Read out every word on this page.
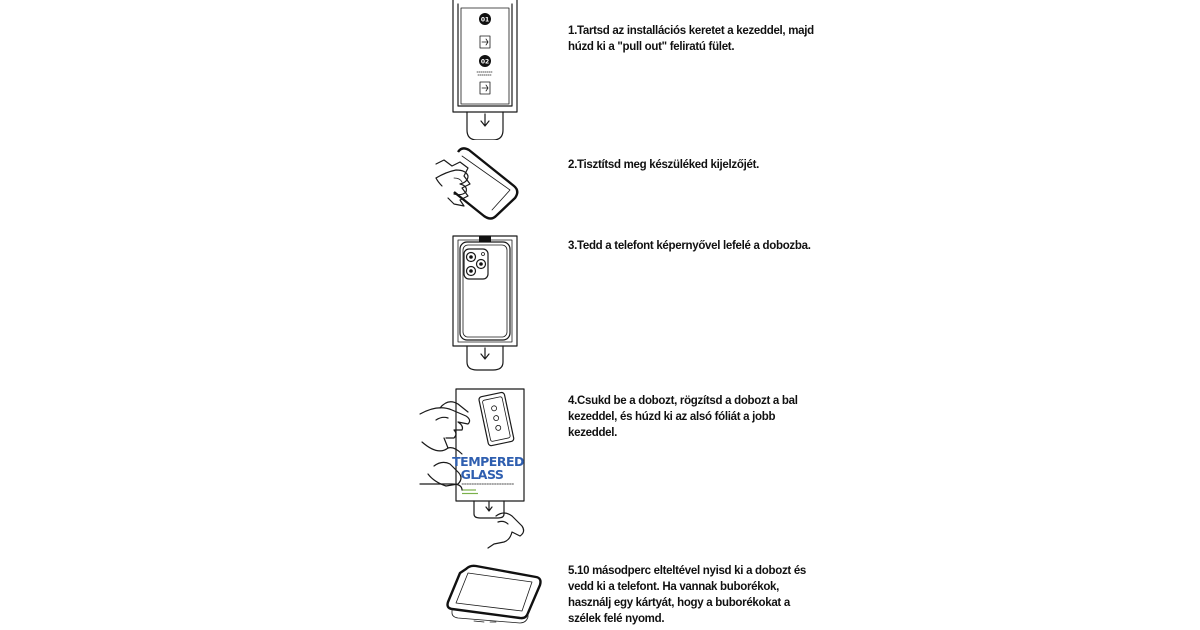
01
02
1.Tartsd az installációs keretet a kezeddel, majd húzd ki a "pull out" feliratú fület.
2.Tisztítsd meg készüléked kijelzőjét.
3.Tedd a telefont képernyővel lefelé a dobozba.
TEMPERED
GLASS
4.Csukd be a dobozt, rögzítsd a dobozt a bal kezeddel, és húzd ki az alsó fóliát a jobb kezeddel.
5.10 másodperc elteltével nyisd ki a dobozt és vedd ki a telefont. Ha vannak buborékok, használj egy kártyát, hogy a buborékokat a szélek felé nyomd.
